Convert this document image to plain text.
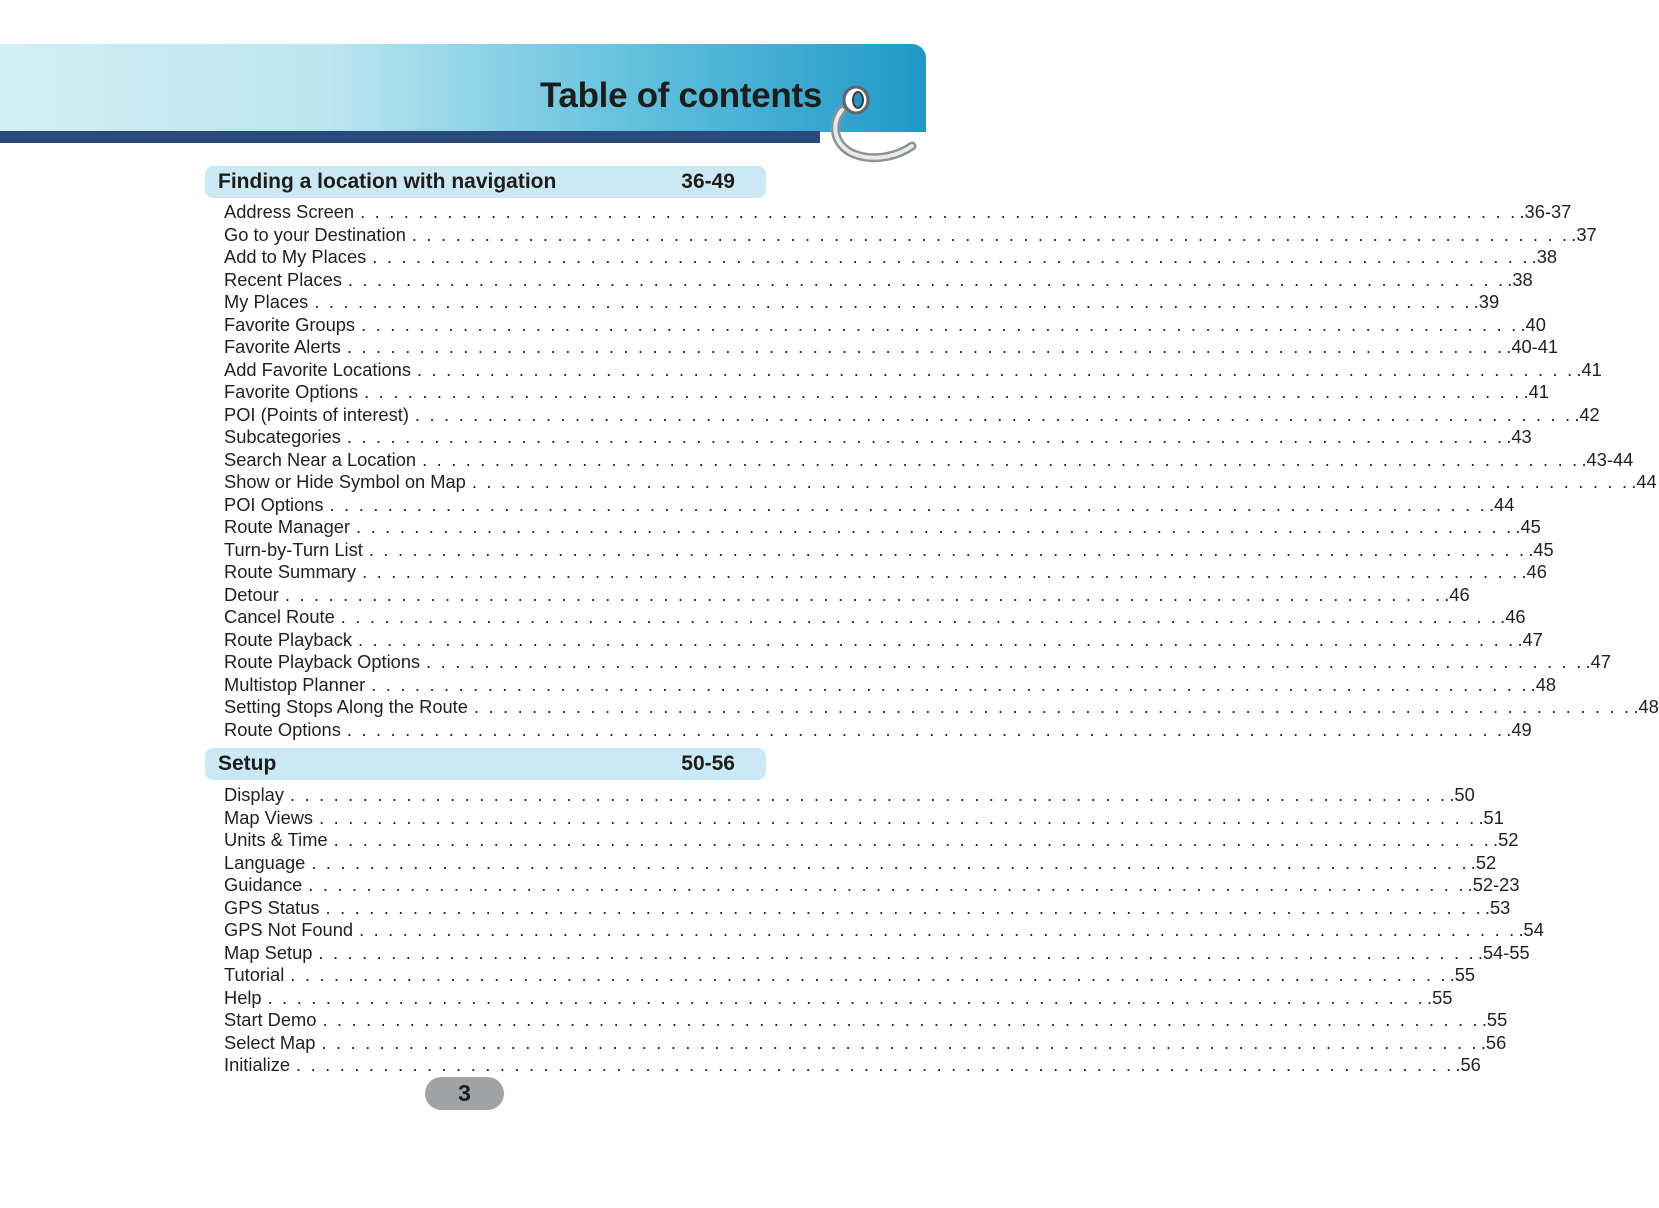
Table of contents
Finding a location with navigation	36-49
Address Screen . . . . . . . . . . . . . . . . . . . . . . . . . . . . . . . . . . . . . . . . . . . . . . . . . . . . . . . . . . . . . . . . . . . . . . . . . . . . . . . . .36-37
Go to your Destination . . . . . . . . . . . . . . . . . . . . . . . . . . . . . . . . . . . . . . . . . . . . . . . . . . . . . . . . . . . . . . . . . . . . . . . . . . . . . . . . .37
Add to My Places . . . . . . . . . . . . . . . . . . . . . . . . . . . . . . . . . . . . . . . . . . . . . . . . . . . . . . . . . . . . . . . . . . . . . . . . . . . . . . . . .38
Recent Places . . . . . . . . . . . . . . . . . . . . . . . . . . . . . . . . . . . . . . . . . . . . . . . . . . . . . . . . . . . . . . . . . . . . . . . . . . . . . . . . .38
My Places . . . . . . . . . . . . . . . . . . . . . . . . . . . . . . . . . . . . . . . . . . . . . . . . . . . . . . . . . . . . . . . . . . . . . . . . . . . . . . . . .39
Favorite Groups . . . . . . . . . . . . . . . . . . . . . . . . . . . . . . . . . . . . . . . . . . . . . . . . . . . . . . . . . . . . . . . . . . . . . . . . . . . . . . . . .40
Favorite Alerts . . . . . . . . . . . . . . . . . . . . . . . . . . . . . . . . . . . . . . . . . . . . . . . . . . . . . . . . . . . . . . . . . . . . . . . . . . . . . . . . .40-41
Add Favorite Locations . . . . . . . . . . . . . . . . . . . . . . . . . . . . . . . . . . . . . . . . . . . . . . . . . . . . . . . . . . . . . . . . . . . . . . . . . . . . . . . . .41
Favorite Options . . . . . . . . . . . . . . . . . . . . . . . . . . . . . . . . . . . . . . . . . . . . . . . . . . . . . . . . . . . . . . . . . . . . . . . . . . . . . . . . .41
POI (Points of interest) . . . . . . . . . . . . . . . . . . . . . . . . . . . . . . . . . . . . . . . . . . . . . . . . . . . . . . . . . . . . . . . . . . . . . . . . . . . . . . . . .42
Subcategories . . . . . . . . . . . . . . . . . . . . . . . . . . . . . . . . . . . . . . . . . . . . . . . . . . . . . . . . . . . . . . . . . . . . . . . . . . . . . . . . .43
Search Near a Location . . . . . . . . . . . . . . . . . . . . . . . . . . . . . . . . . . . . . . . . . . . . . . . . . . . . . . . . . . . . . . . . . . . . . . . . . . . . . . . . .43-44
Show or Hide Symbol on Map . . . . . . . . . . . . . . . . . . . . . . . . . . . . . . . . . . . . . . . . . . . . . . . . . . . . . . . . . . . . . . . . . . . . . . . . . . . . . . . . .44
POI Options . . . . . . . . . . . . . . . . . . . . . . . . . . . . . . . . . . . . . . . . . . . . . . . . . . . . . . . . . . . . . . . . . . . . . . . . . . . . . . . . .44
Route Manager . . . . . . . . . . . . . . . . . . . . . . . . . . . . . . . . . . . . . . . . . . . . . . . . . . . . . . . . . . . . . . . . . . . . . . . . . . . . . . . . .45
Turn-by-Turn List . . . . . . . . . . . . . . . . . . . . . . . . . . . . . . . . . . . . . . . . . . . . . . . . . . . . . . . . . . . . . . . . . . . . . . . . . . . . . . . . .45
Route Summary . . . . . . . . . . . . . . . . . . . . . . . . . . . . . . . . . . . . . . . . . . . . . . . . . . . . . . . . . . . . . . . . . . . . . . . . . . . . . . . . .46
Detour . . . . . . . . . . . . . . . . . . . . . . . . . . . . . . . . . . . . . . . . . . . . . . . . . . . . . . . . . . . . . . . . . . . . . . . . . . . . . . . . .46
Cancel Route . . . . . . . . . . . . . . . . . . . . . . . . . . . . . . . . . . . . . . . . . . . . . . . . . . . . . . . . . . . . . . . . . . . . . . . . . . . . . . . . .46
Route Playback . . . . . . . . . . . . . . . . . . . . . . . . . . . . . . . . . . . . . . . . . . . . . . . . . . . . . . . . . . . . . . . . . . . . . . . . . . . . . . . . .47
Route Playback Options . . . . . . . . . . . . . . . . . . . . . . . . . . . . . . . . . . . . . . . . . . . . . . . . . . . . . . . . . . . . . . . . . . . . . . . . . . . . . . . . .47
Multistop Planner . . . . . . . . . . . . . . . . . . . . . . . . . . . . . . . . . . . . . . . . . . . . . . . . . . . . . . . . . . . . . . . . . . . . . . . . . . . . . . . . .48
Setting Stops Along the Route . . . . . . . . . . . . . . . . . . . . . . . . . . . . . . . . . . . . . . . . . . . . . . . . . . . . . . . . . . . . . . . . . . . . . . . . . . . . . . . . .48
Route Options . . . . . . . . . . . . . . . . . . . . . . . . . . . . . . . . . . . . . . . . . . . . . . . . . . . . . . . . . . . . . . . . . . . . . . . . . . . . . . . . .49
Setup	50-56
Display . . . . . . . . . . . . . . . . . . . . . . . . . . . . . . . . . . . . . . . . . . . . . . . . . . . . . . . . . . . . . . . . . . . . . . . . . . . . . . . . .50
Map Views . . . . . . . . . . . . . . . . . . . . . . . . . . . . . . . . . . . . . . . . . . . . . . . . . . . . . . . . . . . . . . . . . . . . . . . . . . . . . . . . .51
Units & Time . . . . . . . . . . . . . . . . . . . . . . . . . . . . . . . . . . . . . . . . . . . . . . . . . . . . . . . . . . . . . . . . . . . . . . . . . . . . . . . . .52
Language . . . . . . . . . . . . . . . . . . . . . . . . . . . . . . . . . . . . . . . . . . . . . . . . . . . . . . . . . . . . . . . . . . . . . . . . . . . . . . . . .52
Guidance . . . . . . . . . . . . . . . . . . . . . . . . . . . . . . . . . . . . . . . . . . . . . . . . . . . . . . . . . . . . . . . . . . . . . . . . . . . . . . . . .52-23
GPS Status . . . . . . . . . . . . . . . . . . . . . . . . . . . . . . . . . . . . . . . . . . . . . . . . . . . . . . . . . . . . . . . . . . . . . . . . . . . . . . . . .53
GPS Not Found . . . . . . . . . . . . . . . . . . . . . . . . . . . . . . . . . . . . . . . . . . . . . . . . . . . . . . . . . . . . . . . . . . . . . . . . . . . . . . . . .54
Map Setup . . . . . . . . . . . . . . . . . . . . . . . . . . . . . . . . . . . . . . . . . . . . . . . . . . . . . . . . . . . . . . . . . . . . . . . . . . . . . . . . .54-55
Tutorial . . . . . . . . . . . . . . . . . . . . . . . . . . . . . . . . . . . . . . . . . . . . . . . . . . . . . . . . . . . . . . . . . . . . . . . . . . . . . . . . .55
Help . . . . . . . . . . . . . . . . . . . . . . . . . . . . . . . . . . . . . . . . . . . . . . . . . . . . . . . . . . . . . . . . . . . . . . . . . . . . . . . . .55
Start Demo . . . . . . . . . . . . . . . . . . . . . . . . . . . . . . . . . . . . . . . . . . . . . . . . . . . . . . . . . . . . . . . . . . . . . . . . . . . . . . . . .55
Select Map . . . . . . . . . . . . . . . . . . . . . . . . . . . . . . . . . . . . . . . . . . . . . . . . . . . . . . . . . . . . . . . . . . . . . . . . . . . . . . . . .56
Initialize . . . . . . . . . . . . . . . . . . . . . . . . . . . . . . . . . . . . . . . . . . . . . . . . . . . . . . . . . . . . . . . . . . . . . . . . . . . . . . . . .56
3
